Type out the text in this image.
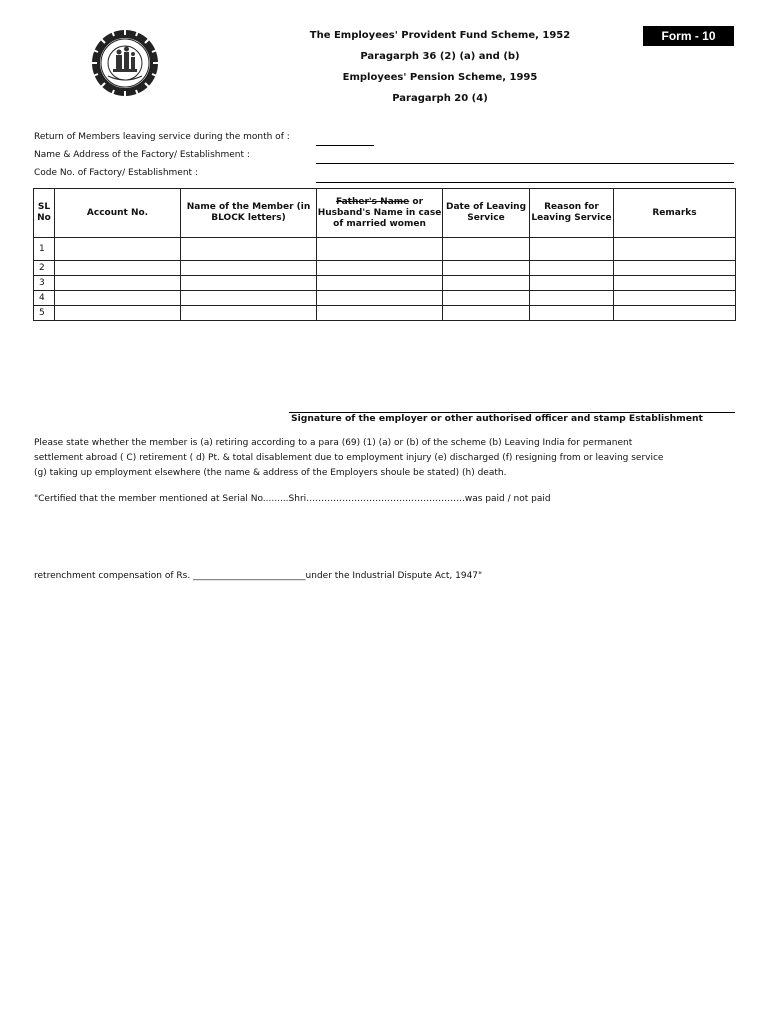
The Employees' Provident Fund Scheme, 1952
Paragarph 36 (2) (a) and (b)
Employees' Pension Scheme, 1995
Paragarph 20 (4)
Form - 10
Return of Members leaving service during the month of :
Name & Address of the Factory/ Establishment :
Code No. of Factory/ Establishment :
SL No	Account No.	Name of the Member (in BLOCK letters)	Father's Name or Husband's Name in case of married women	Date of Leaving Service	Reason for Leaving Service	Remarks
1						
2						
3						
4						
5						
Signature of the employer or other authorised officer and stamp Establishment
Please state whether the member is (a) retiring according to a para (69) (1) (a) or (b) of the scheme (b) Leaving India for permanent
settlement abroad ( C) retirement ( d) Pt. & total disablement due to employment injury (e) discharged (f) resigning from or leaving service
(g) taking up employment elsewhere (the name & address of the Employers shoule be stated) (h) death.
"Certified that the member mentioned at Serial No.........Shri……………………………………………..was paid / not paid
retrenchment compensation of Rs. _________________________under the Industrial Dispute Act, 1947"
